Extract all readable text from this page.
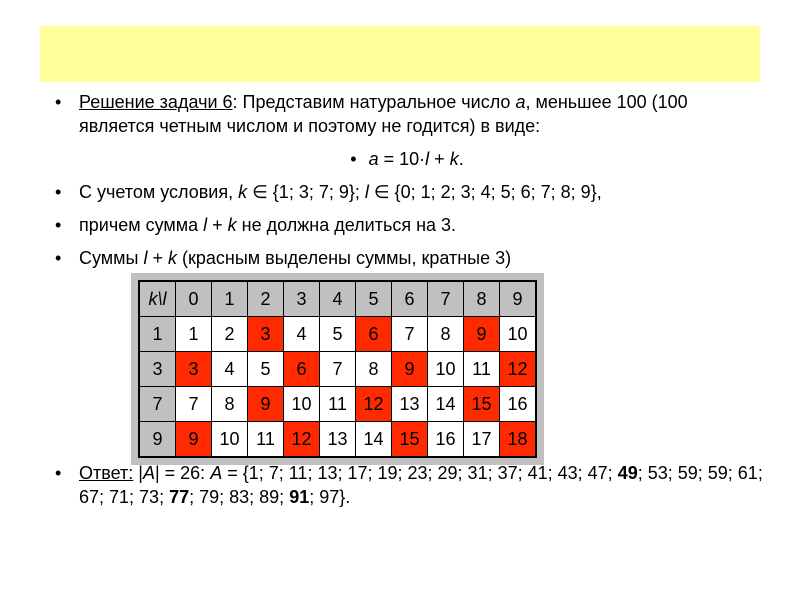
• Решение задачи 6: Представим натуральное число а, меньшее 100 (100 является четным числом и поэтому не годится) в виде:
• a = 10·l + k.
• С учетом условия, k ∈ {1; 3; 7; 9}; l ∈ {0; 1; 2; 3; 4; 5; 6; 7; 8; 9},
• причем сумма l + k не должна делиться на 3.
• Суммы l + k (красным выделены суммы, кратные 3)
• Ответ: |A| = 26: A = {1; 7; 11; 13; 17; 19; 23; 29; 31; 37; 41; 43; 47; 49; 53; 59; 59; 61; 67; 71; 73; 77; 79; 83; 89; 91; 97}.
k\l	0	1	2	3	4	5	6	7	8	9
1	1	2	3	4	5	6	7	8	9	10
3	3	4	5	6	7	8	9	10	11	12
7	7	8	9	10	11	12	13	14	15	16
9	9	10	11	12	13	14	15	16	17	18
